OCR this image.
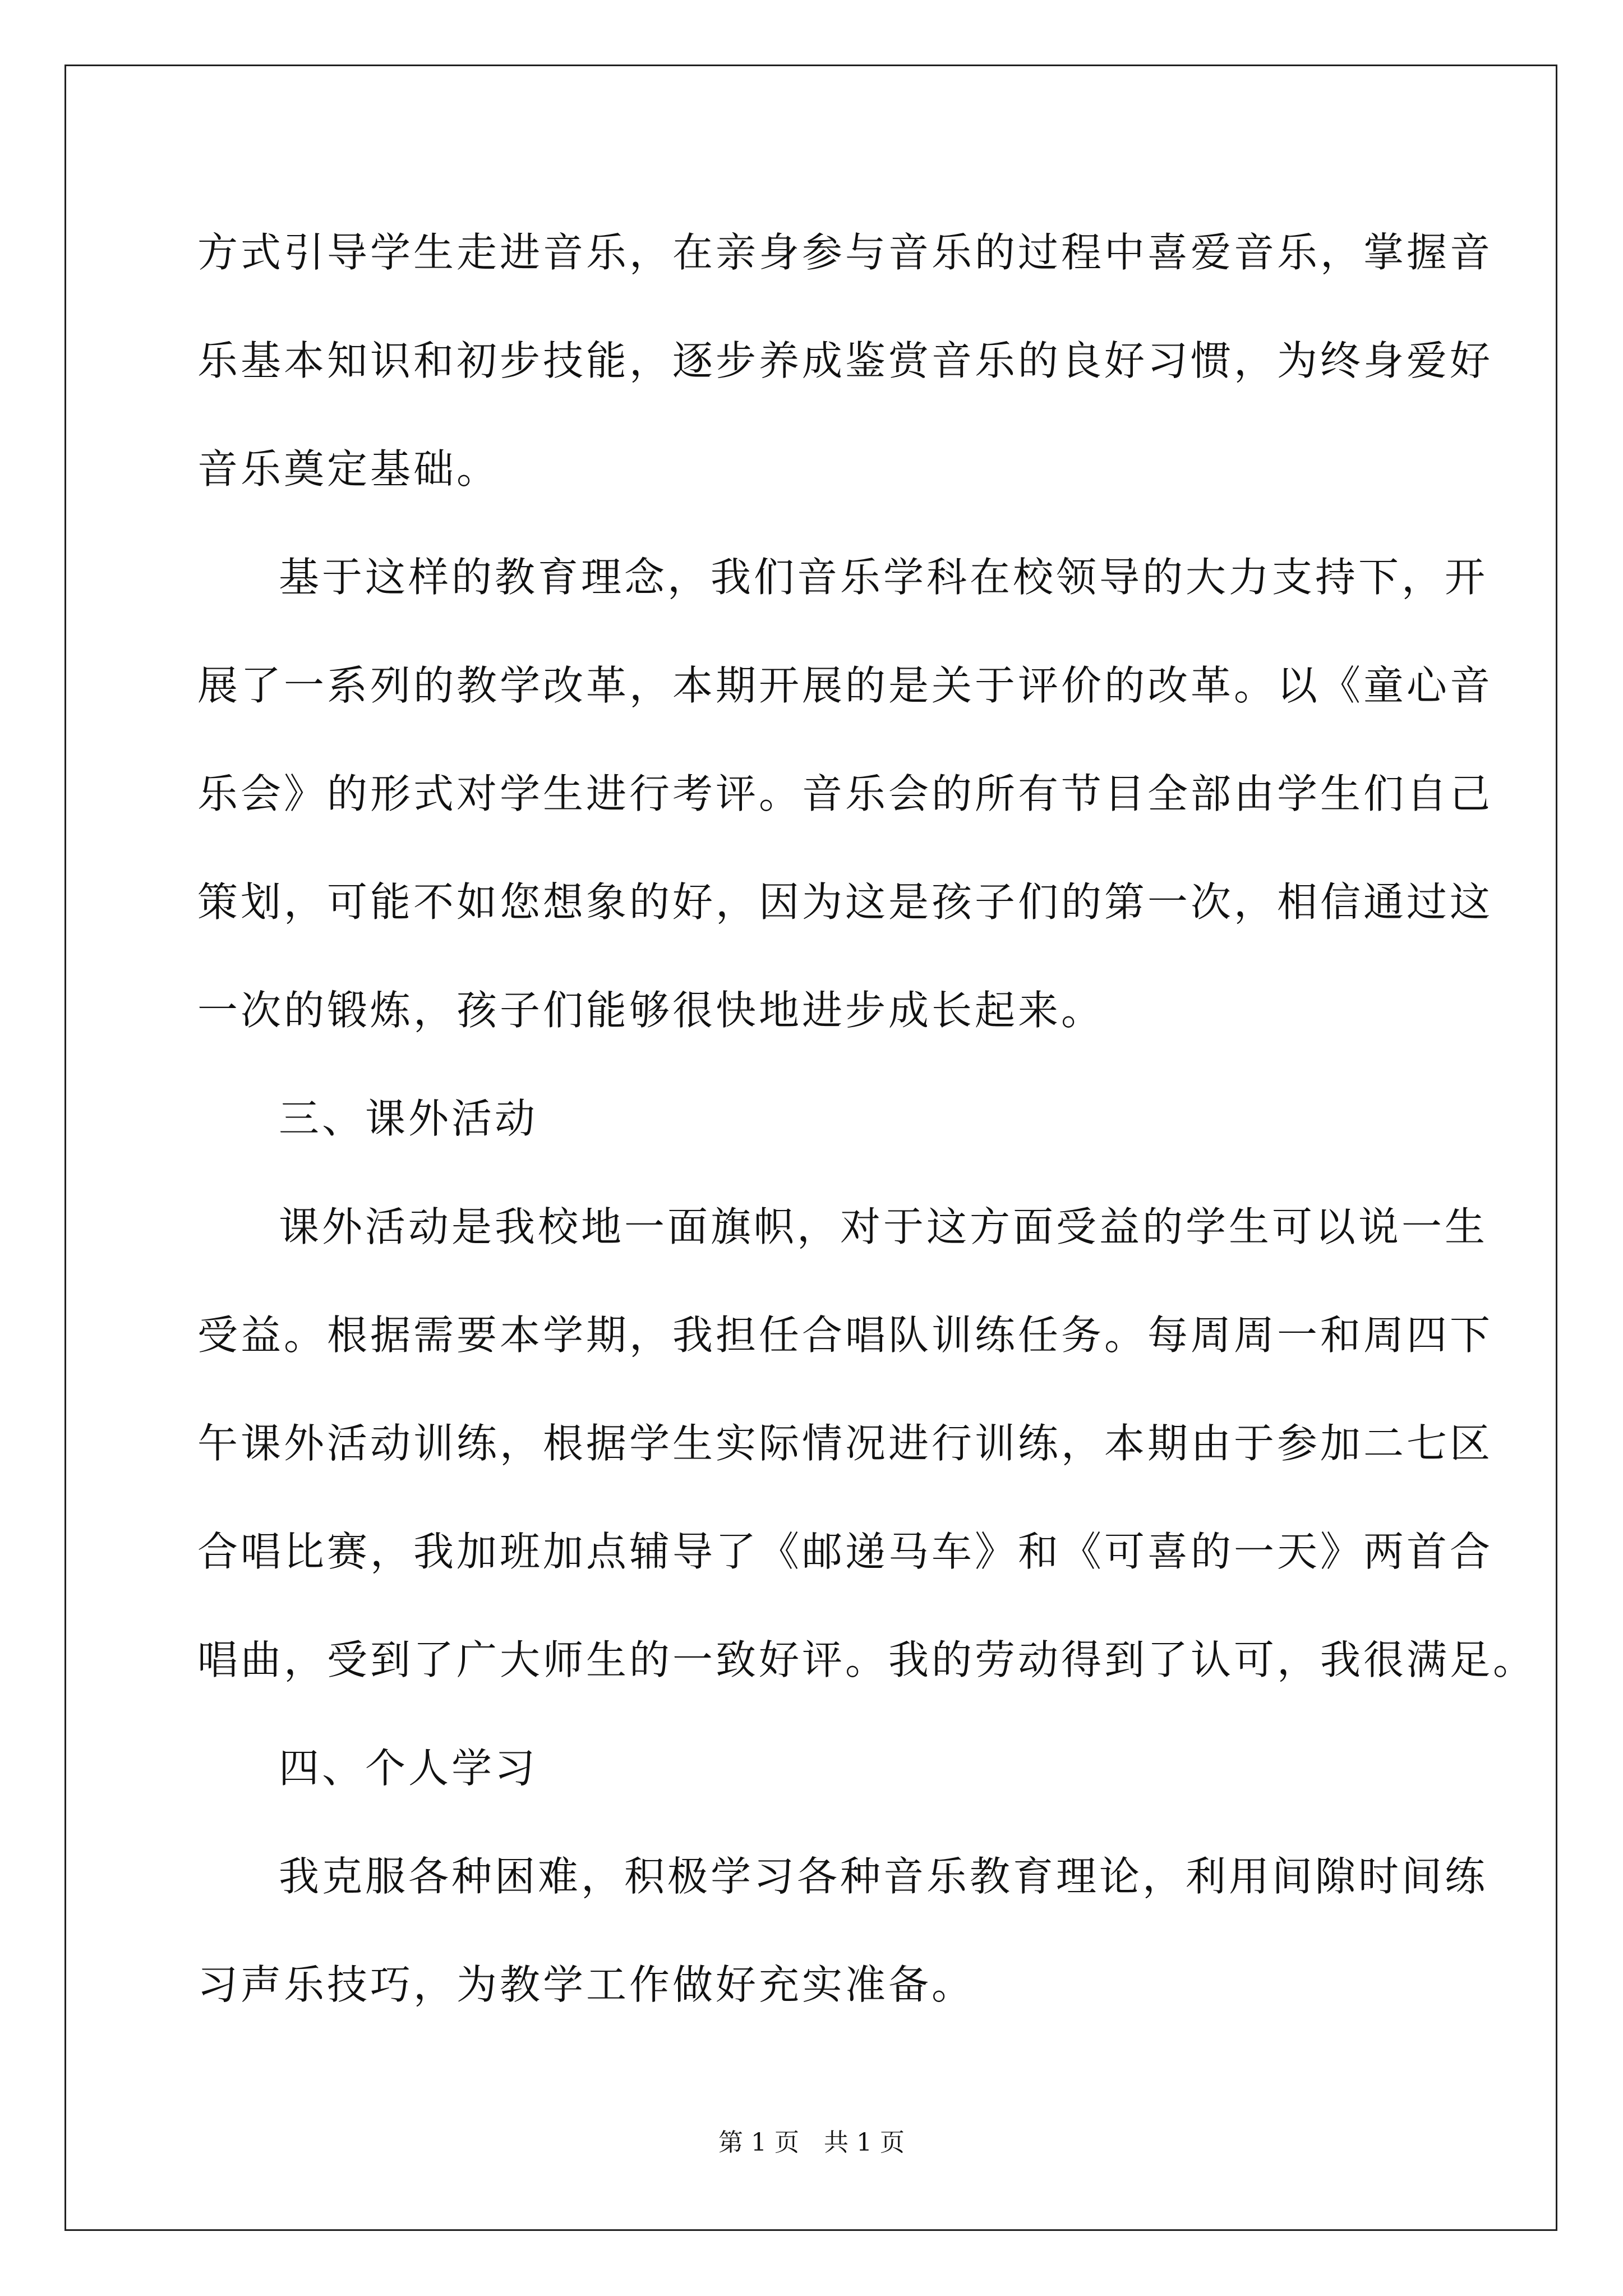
方式引导学生走进音乐，在亲身参与音乐的过程中喜爱音乐，掌握音
乐基本知识和初步技能，逐步养成鉴赏音乐的良好习惯，为终身爱好
音乐奠定基础。
基于这样的教育理念，我们音乐学科在校领导的大力支持下，开
展了一系列的教学改革，本期开展的是关于评价的改革。以《童心音
乐会》的形式对学生进行考评。音乐会的所有节目全部由学生们自己
策划，可能不如您想象的好，因为这是孩子们的第一次，相信通过这
一次的锻炼，孩子们能够很快地进步成长起来。
三、课外活动
课外活动是我校地一面旗帜，对于这方面受益的学生可以说一生
受益。根据需要本学期，我担任合唱队训练任务。每周周一和周四下
午课外活动训练，根据学生实际情况进行训练，本期由于参加二七区
合唱比赛，我加班加点辅导了《邮递马车》和《可喜的一天》两首合
唱曲，受到了广大师生的一致好评。我的劳动得到了认可，我很满足。
四、个人学习
我克服各种困难，积极学习各种音乐教育理论，利用间隙时间练
习声乐技巧，为教学工作做好充实准备。
第 1 页　共 1 页
